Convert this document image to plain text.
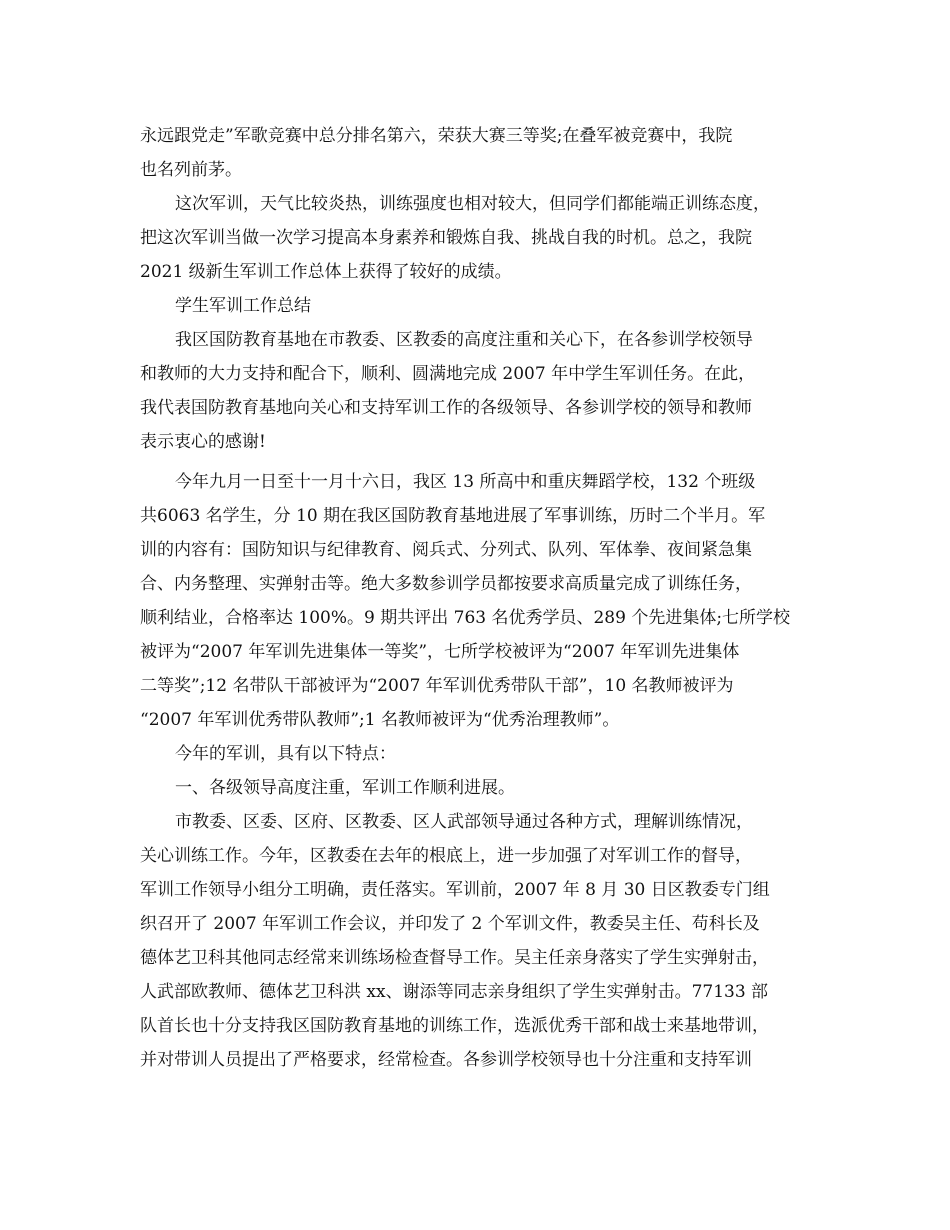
永远跟党走”军歌竞赛中总分排名第六，荣获大赛三等奖;在叠军被竞赛中，我院
也名列前茅。
这次军训，天气比较炎热，训练强度也相对较大，但同学们都能端正训练态度，
把这次军训当做一次学习提高本身素养和锻炼自我、挑战自我的时机。总之，我院
2021 级新生军训工作总体上获得了较好的成绩。
学生军训工作总结
我区国防教育基地在市教委、区教委的高度注重和关心下，在各参训学校领导
和教师的大力支持和配合下，顺利、圆满地完成 2007 年中学生军训任务。在此，
我代表国防教育基地向关心和支持军训工作的各级领导、各参训学校的领导和教师
表示衷心的感谢!
今年九月一日至十一月十六日，我区 13 所高中和重庆舞蹈学校，132 个班级
共6063 名学生，分 10 期在我区国防教育基地进展了军事训练，历时二个半月。军
训的内容有：国防知识与纪律教育、阅兵式、分列式、队列、军体拳、夜间紧急集
合、内务整理、实弹射击等。绝大多数参训学员都按要求高质量完成了训练任务，
顺利结业，合格率达 100%。9 期共评出 763 名优秀学员、289 个先进集体;七所学校
被评为“2007 年军训先进集体一等奖”，七所学校被评为“2007 年军训先进集体
二等奖”;12 名带队干部被评为“2007 年军训优秀带队干部”，10 名教师被评为
“2007 年军训优秀带队教师”;1 名教师被评为“优秀治理教师”。
今年的军训，具有以下特点：
一、各级领导高度注重，军训工作顺利进展。
市教委、区委、区府、区教委、区人武部领导通过各种方式，理解训练情况，
关心训练工作。今年，区教委在去年的根底上，进一步加强了对军训工作的督导，
军训工作领导小组分工明确，责任落实。军训前，2007 年 8 月 30 日区教委专门组
织召开了 2007 年军训工作会议，并印发了 2 个军训文件，教委吴主任、苟科长及
德体艺卫科其他同志经常来训练场检查督导工作。吴主任亲身落实了学生实弹射击，
人武部欧教师、德体艺卫科洪 xx、谢添等同志亲身组织了学生实弹射击。77133 部
队首长也十分支持我区国防教育基地的训练工作，选派优秀干部和战士来基地带训，
并对带训人员提出了严格要求，经常检查。各参训学校领导也十分注重和支持军训
